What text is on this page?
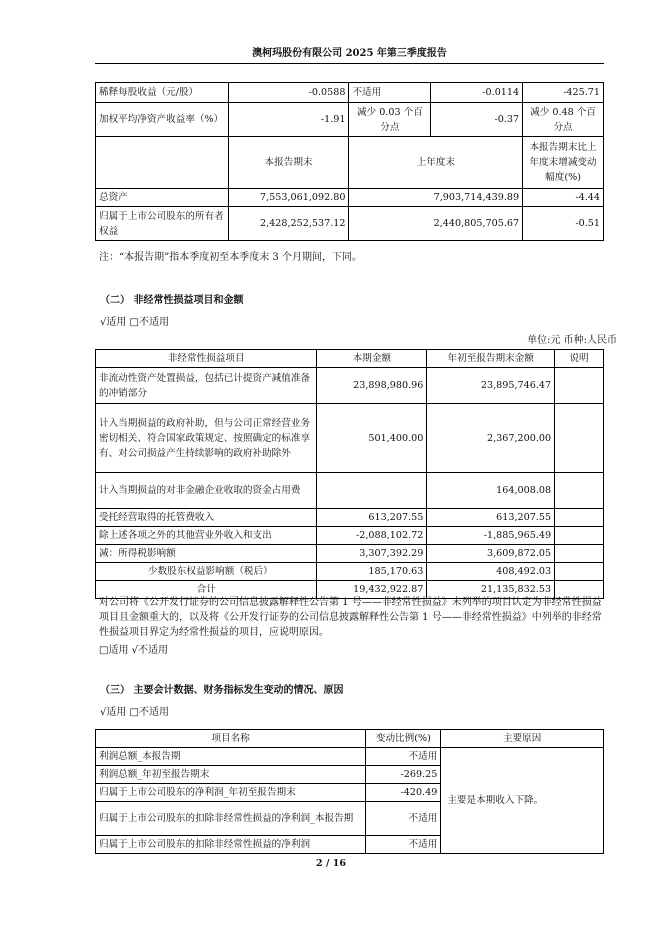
澳柯玛股份有限公司 2025 年第三季度报告
稀释每股收益（元/股）	-0.0588	不适用	-0.0114	-425.71
加权平均净资产收益率（%）	-1.91	减少 0.03 个百分点	-0.37	减少 0.48 个百分点
	本报告期末	上年度末		本报告期末比上年度末增减变动幅度(%)
总资产	7,553,061,092.80	7,903,714,439.89		-4.44
归属于上市公司股东的所有者权益	2,428,252,537.12	2,440,805,705.67		-0.51
注：“本报告期”指本季度初至本季度末 3 个月期间，下同。
（二） 非经常性损益项目和金额
√适用 □不适用
单位:元 币种:人民币
非经常性损益项目	本期金额	年初至报告期末金额	说明
非流动性资产处置损益，包括已计提资产减值准备的冲销部分	23,898,980.96	23,895,746.47	
计入当期损益的政府补助，但与公司正常经营业务密切相关、符合国家政策规定、按照确定的标准享有、对公司损益产生持续影响的政府补助除外	501,400.00	2,367,200.00	
计入当期损益的对非金融企业收取的资金占用费		164,008.08	
受托经营取得的托管费收入	613,207.55	613,207.55	
除上述各项之外的其他营业外收入和支出	-2,088,102.72	-1,885,965.49	
减：所得税影响额	3,307,392.29	3,609,872.05	
少数股东权益影响额（税后）	185,170.63	408,492.03	
合计	19,432,922.87	21,135,832.53	
对公司将《公开发行证券的公司信息披露解释性公告第 1 号——非经常性损益》未列举的项目认定为非经常性损益项目且金额重大的，以及将《公开发行证券的公司信息披露解释性公告第 1 号——非经常性损益》中列举的非经常性损益项目界定为经常性损益的项目，应说明原因。
□适用 √不适用
（三） 主要会计数据、财务指标发生变动的情况、原因
√适用 □不适用
项目名称	变动比例(%)	主要原因
利润总额_本报告期	不适用	主要是本期收入下降。
利润总额_年初至报告期末	-269.25	
归属于上市公司股东的净利润_年初至报告期末	-420.49	
归属于上市公司股东的扣除非经常性损益的净利润_本报告期	不适用	
归属于上市公司股东的扣除非经常性损益的净利润	不适用	
2 / 16
